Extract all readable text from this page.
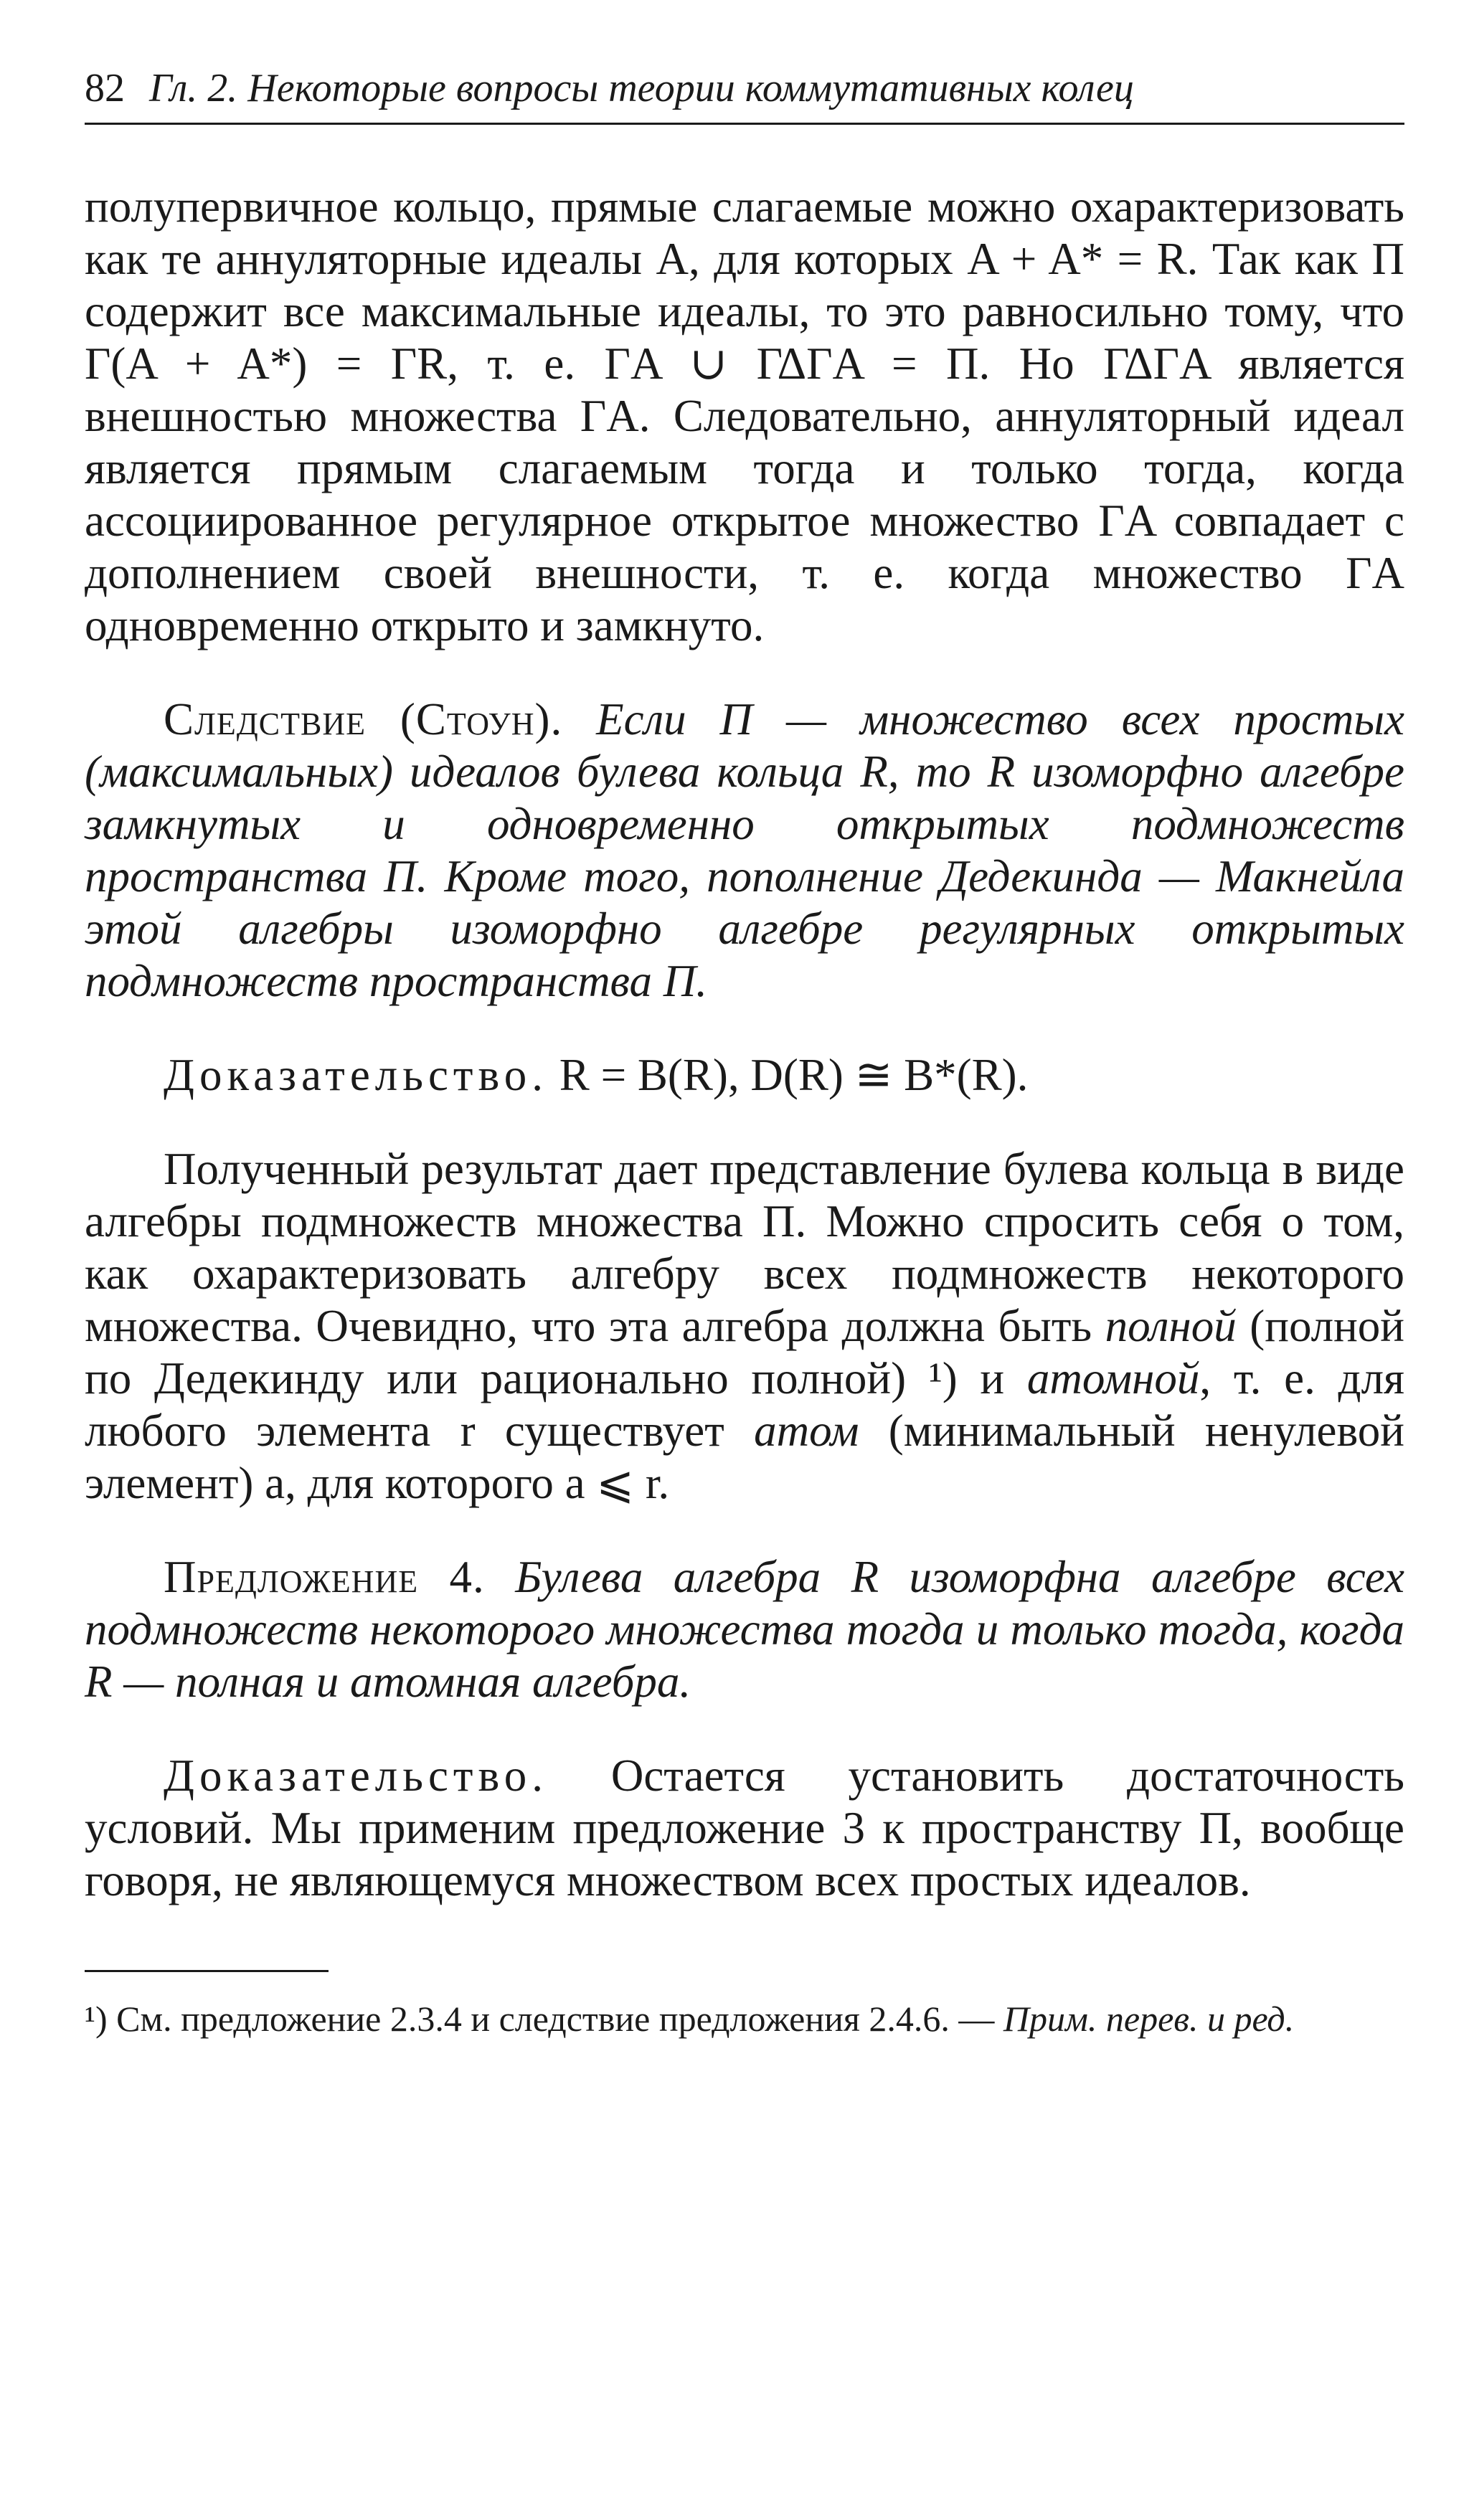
82 Гл. 2. Некоторые вопросы теории коммутативных колец

полупервичное кольцо, прямые слагаемые можно охарактеризовать как те аннуляторные идеалы A, для которых A + A* = R. Так как П содержит все максимальные идеалы, то это равносильно тому, что Γ(A + A*) = ΓR, т. е. ΓA ∪ ΓΔΓA = П. Но ΓΔΓA является внешностью множества ΓA. Следовательно, аннуляторный идеал является прямым слагаемым тогда и только тогда, когда ассоциированное регулярное открытое множество ΓA совпадает с дополнением своей внешности, т. е. когда множество ΓA одновременно открыто и замкнуто.

Следствие (Стоун). Если П — множество всех простых (максимальных) идеалов булева кольца R, то R изоморфно алгебре замкнутых и одновременно открытых подмножеств пространства П. Кроме того, пополнение Дедекинда — Макнейла этой алгебры изоморфно алгебре регулярных открытых подмножеств пространства П.

Доказательство. R = B(R), D(R) ≅ B*(R).

Полученный результат дает представление булева кольца в виде алгебры подмножеств множества П. Можно спросить себя о том, как охарактеризовать алгебру всех подмножеств некоторого множества. Очевидно, что эта алгебра должна быть полной (полной по Дедекинду или рационально полной) ¹) и атомной, т. е. для любого элемента r существует атом (минимальный ненулевой элемент) a, для которого a ⩽ r.

Предложение 4. Булева алгебра R изоморфна алгебре всех подмножеств некоторого множества тогда и только тогда, когда R — полная и атомная алгебра.

Доказательство. Остается установить достаточность условий. Мы применим предложение 3 к пространству П, вообще говоря, не являющемуся множеством всех простых идеалов.

¹) См. предложение 2.3.4 и следствие предложения 2.4.6. — Прим. перев. и ред.
